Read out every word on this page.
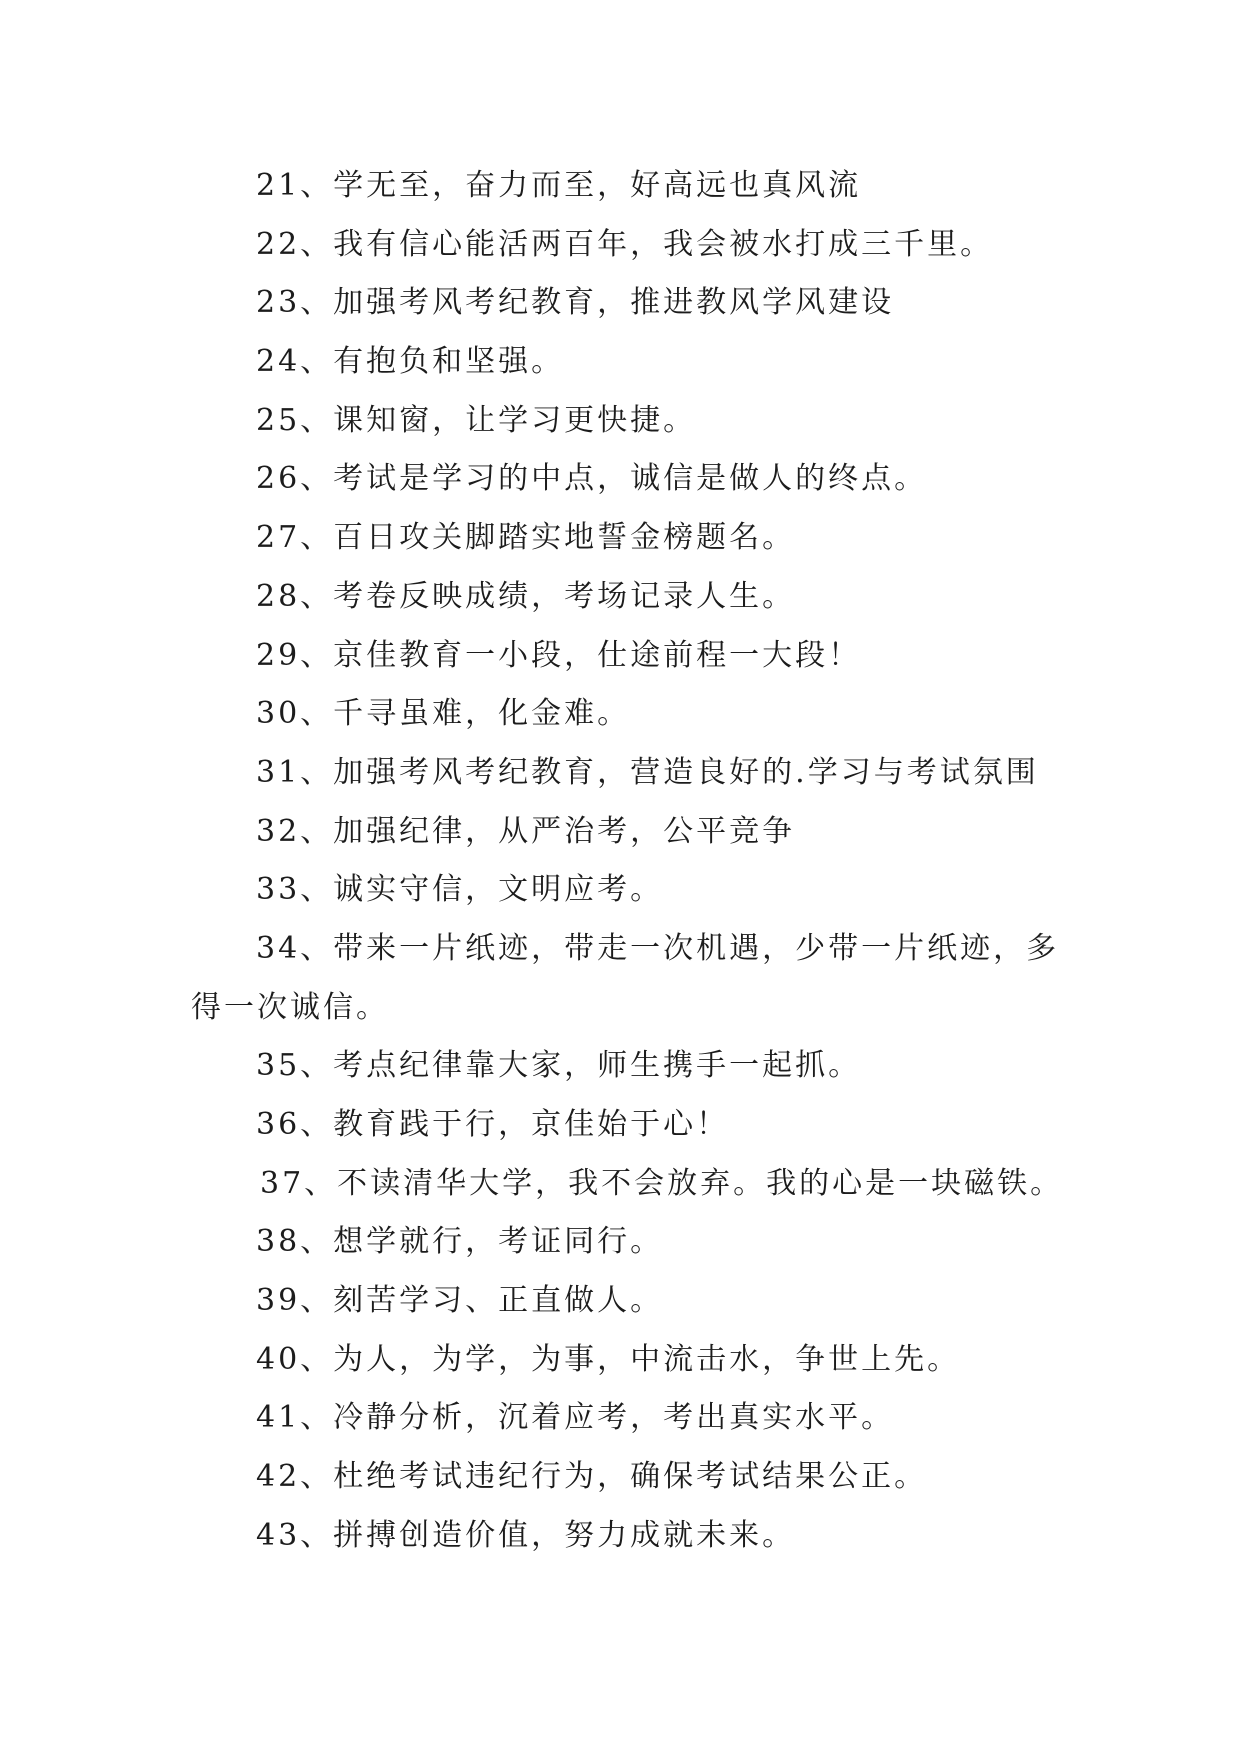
21、学无至，奋力而至，好高远也真风流
22、我有信心能活两百年，我会被水打成三千里。
23、加强考风考纪教育，推进教风学风建设
24、有抱负和坚强。
25、课知窗，让学习更快捷。
26、考试是学习的中点，诚信是做人的终点。
27、百日攻关脚踏实地誓金榜题名。
28、考卷反映成绩，考场记录人生。
29、京佳教育一小段，仕途前程一大段！
30、千寻虽难，化金难。
31、加强考风考纪教育，营造良好的.学习与考试氛围
32、加强纪律，从严治考，公平竞争
33、诚实守信，文明应考。
34、带来一片纸迹，带走一次机遇，少带一片纸迹，多
得一次诚信。
35、考点纪律靠大家，师生携手一起抓。
36、教育践于行，京佳始于心！
37、不读清华大学，我不会放弃。我的心是一块磁铁。
38、想学就行，考证同行。
39、刻苦学习、正直做人。
40、为人，为学，为事，中流击水，争世上先。
41、冷静分析，沉着应考，考出真实水平。
42、杜绝考试违纪行为，确保考试结果公正。
43、拼搏创造价值，努力成就未来。
